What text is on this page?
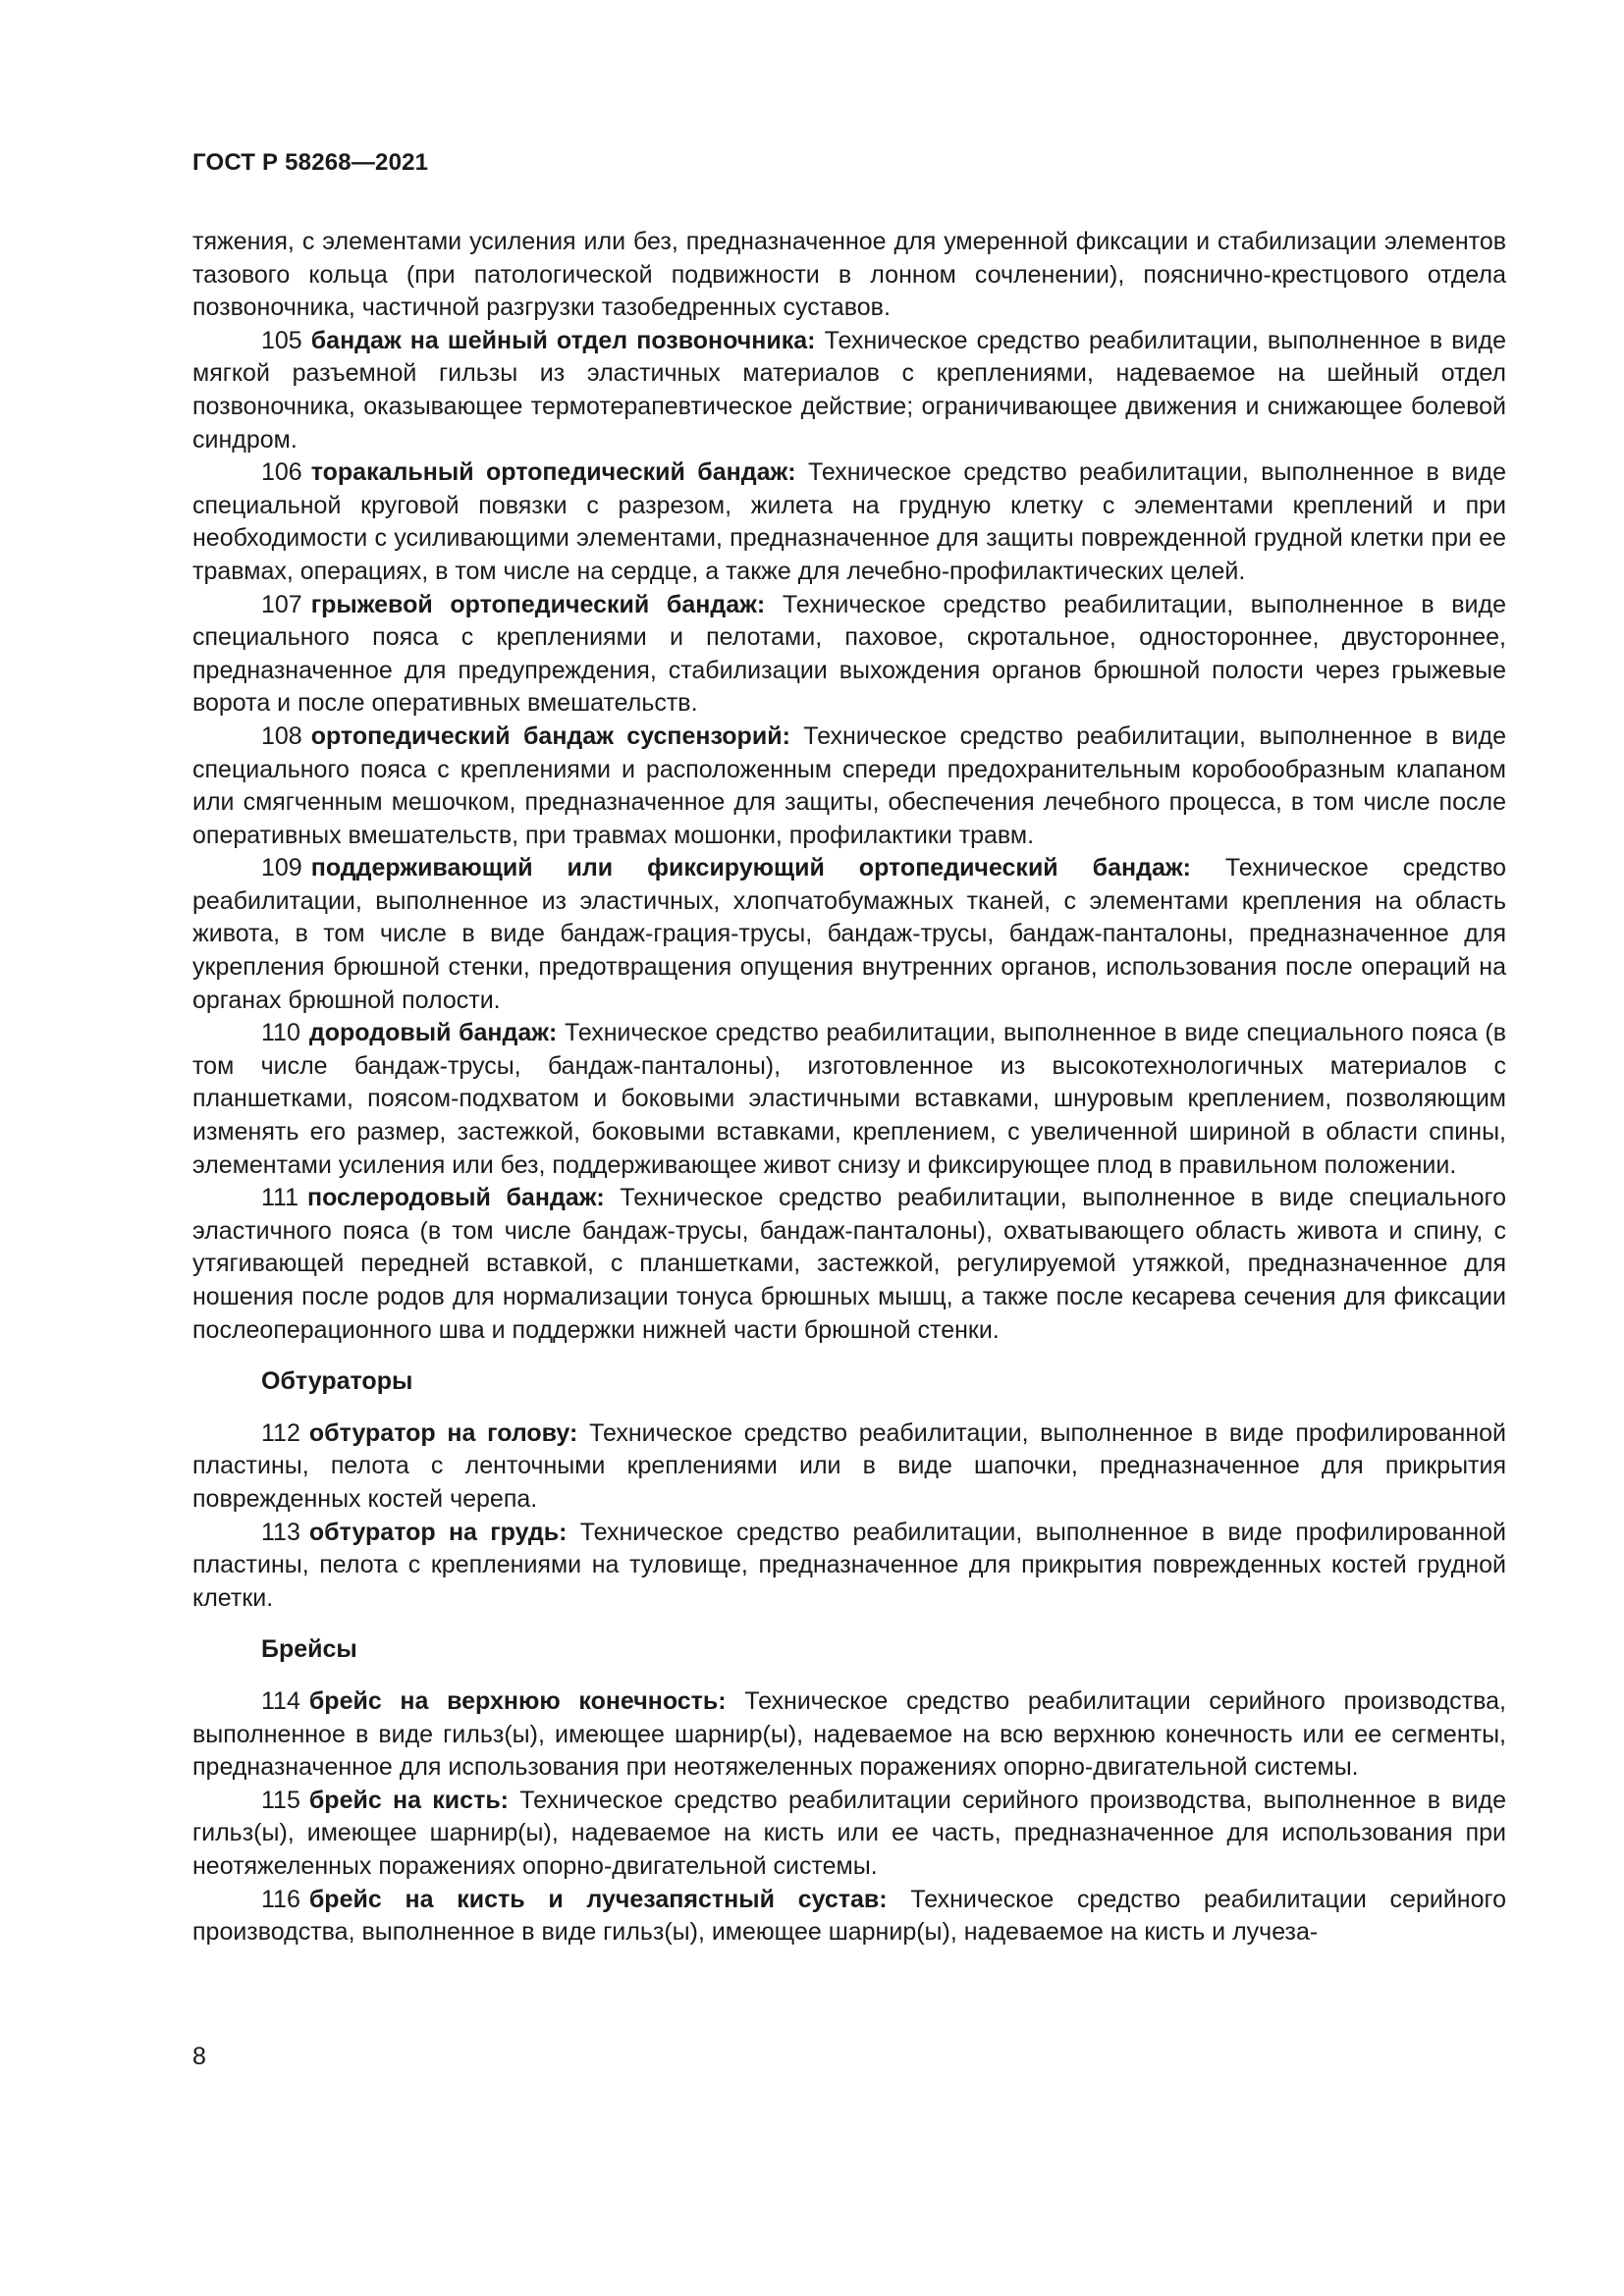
ГОСТ Р 58268—2021

тяжения, с элементами усиления или без, предназначенное для умеренной фиксации и стабилизации элементов тазового кольца (при патологической подвижности в лонном сочленении), пояснично-крестцового отдела позвоночника, частичной разгрузки тазобедренных суставов.

105 бандаж на шейный отдел позвоночника: Техническое средство реабилитации, выполненное в виде мягкой разъемной гильзы из эластичных материалов с креплениями, надеваемое на шейный отдел позвоночника, оказывающее термотерапевтическое действие; ограничивающее движения и снижающее болевой синдром.

106 торакальный ортопедический бандаж: Техническое средство реабилитации, выполненное в виде специальной круговой повязки с разрезом, жилета на грудную клетку с элементами креплений и при необходимости с усиливающими элементами, предназначенное для защиты поврежденной грудной клетки при ее травмах, операциях, в том числе на сердце, а также для лечебно-профилактических целей.

107 грыжевой ортопедический бандаж: Техническое средство реабилитации, выполненное в виде специального пояса с креплениями и пелотами, паховое, скротальное, одностороннее, двустороннее, предназначенное для предупреждения, стабилизации выхождения органов брюшной полости через грыжевые ворота и после оперативных вмешательств.

108 ортопедический бандаж суспензорий: Техническое средство реабилитации, выполненное в виде специального пояса с креплениями и расположенным спереди предохранительным коробообразным клапаном или смягченным мешочком, предназначенное для защиты, обеспечения лечебного процесса, в том числе после оперативных вмешательств, при травмах мошонки, профилактики травм.

109 поддерживающий или фиксирующий ортопедический бандаж: Техническое средство реабилитации, выполненное из эластичных, хлопчатобумажных тканей, с элементами крепления на область живота, в том числе в виде бандаж-грация-трусы, бандаж-трусы, бандаж-панталоны, предназначенное для укрепления брюшной стенки, предотвращения опущения внутренних органов, использования после операций на органах брюшной полости.

110 дородовый бандаж: Техническое средство реабилитации, выполненное в виде специального пояса (в том числе бандаж-трусы, бандаж-панталоны), изготовленное из высокотехнологичных материалов с планшетками, поясом-подхватом и боковыми эластичными вставками, шнуровым креплением, позволяющим изменять его размер, застежкой, боковыми вставками, креплением, с увеличенной шириной в области спины, элементами усиления или без, поддерживающее живот снизу и фиксирующее плод в правильном положении.

111 послеродовый бандаж: Техническое средство реабилитации, выполненное в виде специального эластичного пояса (в том числе бандаж-трусы, бандаж-панталоны), охватывающего область живота и спину, с утягивающей передней вставкой, с планшетками, застежкой, регулируемой утяжкой, предназначенное для ношения после родов для нормализации тонуса брюшных мышц, а также после кесарева сечения для фиксации послеоперационного шва и поддержки нижней части брюшной стенки.

Обтураторы

112 обтуратор на голову: Техническое средство реабилитации, выполненное в виде профилированной пластины, пелота с ленточными креплениями или в виде шапочки, предназначенное для прикрытия поврежденных костей черепа.

113 обтуратор на грудь: Техническое средство реабилитации, выполненное в виде профилированной пластины, пелота с креплениями на туловище, предназначенное для прикрытия поврежденных костей грудной клетки.

Брейсы

114 брейс на верхнюю конечность: Техническое средство реабилитации серийного производства, выполненное в виде гильз(ы), имеющее шарнир(ы), надеваемое на всю верхнюю конечность или ее сегменты, предназначенное для использования при неотяжеленных поражениях опорно-двигательной системы.

115 брейс на кисть: Техническое средство реабилитации серийного производства, выполненное в виде гильз(ы), имеющее шарнир(ы), надеваемое на кисть или ее часть, предназначенное для использования при неотяжеленных поражениях опорно-двигательной системы.

116 брейс на кисть и лучезапястный сустав: Техническое средство реабилитации серийного производства, выполненное в виде гильз(ы), имеющее шарнир(ы), надеваемое на кисть и лучеза-

8
